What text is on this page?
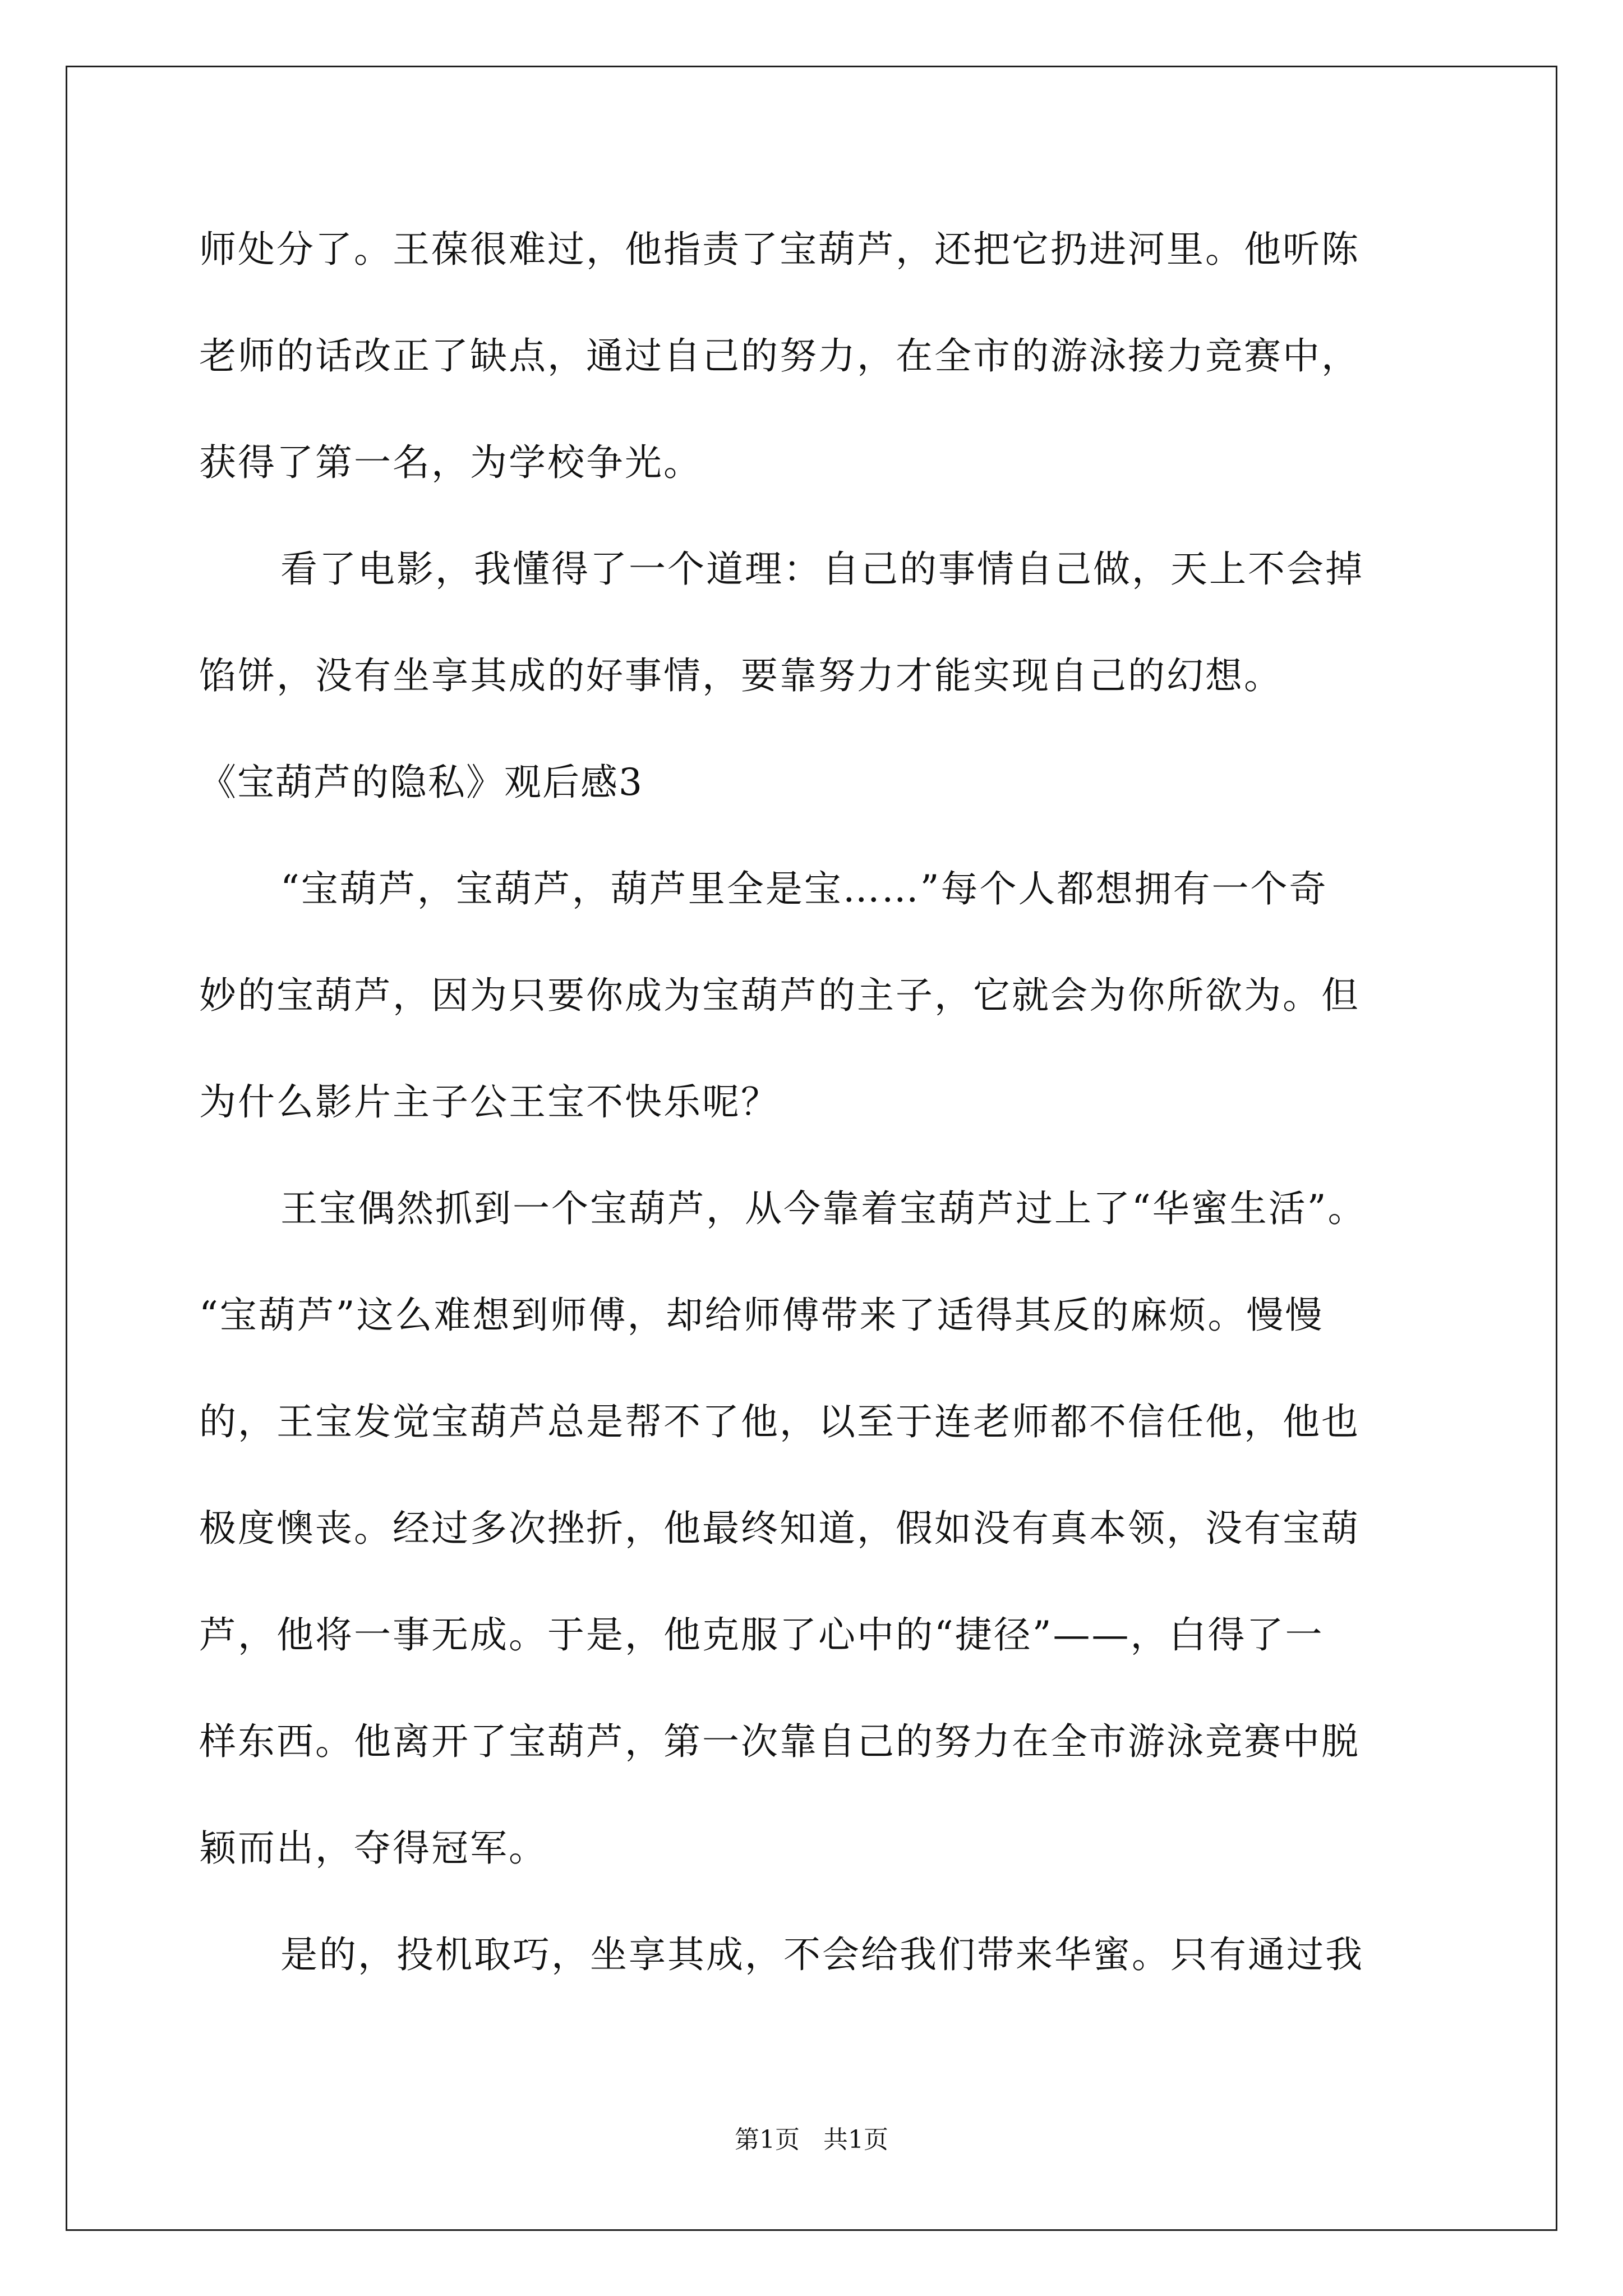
师处分了。王葆很难过，他指责了宝葫芦，还把它扔进河里。他听陈
老师的话改正了缺点，通过自己的努力，在全市的游泳接力竞赛中，
获得了第一名，为学校争光。
看了电影，我懂得了一个道理：自己的事情自己做，天上不会掉
馅饼，没有坐享其成的好事情，要靠努力才能实现自己的幻想。
《宝葫芦的隐私》观后感3
“宝葫芦，宝葫芦，葫芦里全是宝……”每个人都想拥有一个奇
妙的宝葫芦，因为只要你成为宝葫芦的主子，它就会为你所欲为。但
为什么影片主子公王宝不快乐呢？
王宝偶然抓到一个宝葫芦，从今靠着宝葫芦过上了“华蜜生活”。
“宝葫芦”这么难想到师傅，却给师傅带来了适得其反的麻烦。慢慢
的，王宝发觉宝葫芦总是帮不了他，以至于连老师都不信任他，他也
极度懊丧。经过多次挫折，他最终知道，假如没有真本领，没有宝葫
芦，他将一事无成。于是，他克服了心中的“捷径”——，白得了一
样东西。他离开了宝葫芦，第一次靠自己的努力在全市游泳竞赛中脱
颖而出，夺得冠军。
是的，投机取巧，坐享其成，不会给我们带来华蜜。只有通过我
第1页 共1页
